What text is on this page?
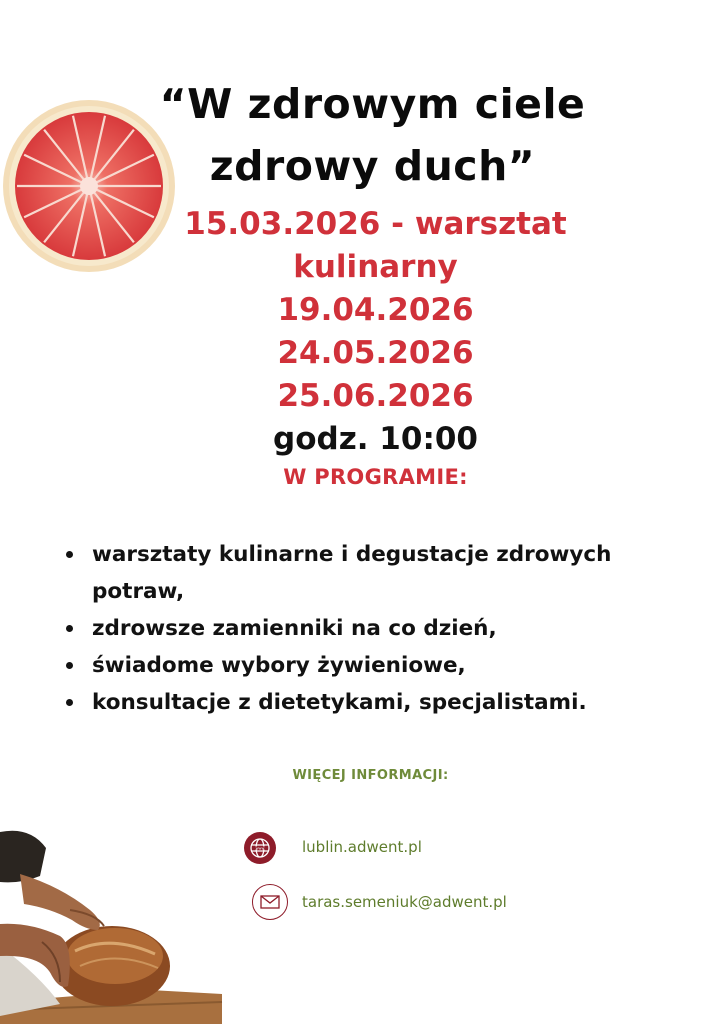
“W zdrowym ciele
zdrowy duch”
15.03.2026 - warsztat
kulinarny
19.04.2026
24.05.2026
25.06.2026
godz. 10:00
W PROGRAMIE:
warsztaty kulinarne i degustacje zdrowych
potraw,
zdrowsze zamienniki na co dzień,
świadome wybory żywieniowe,
konsultacje z dietetykami, specjalistami.
WIĘCEJ INFORMACJI:
www	lublin.adwent.pl
taras.semeniuk@adwent.pl
